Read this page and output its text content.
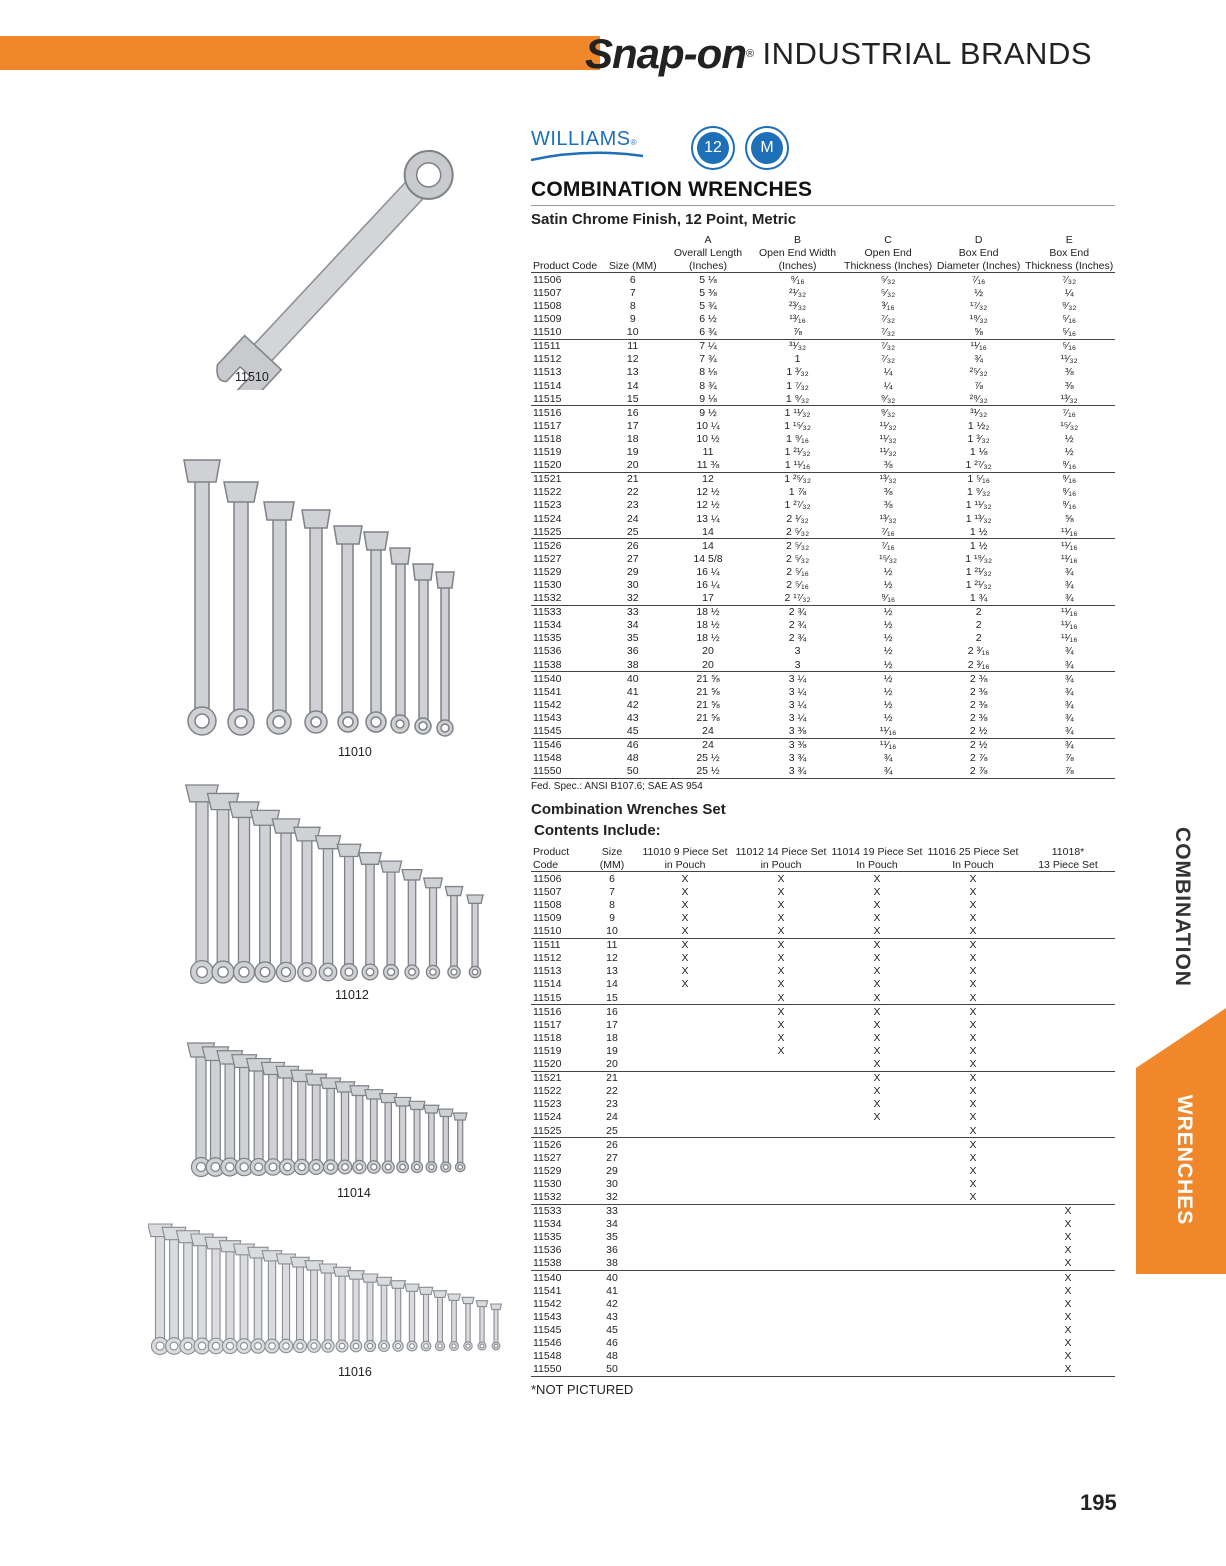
Snap-on® INDUSTRIAL BRANDS
WILLIAMS®	12	M
COMBINATION WRENCHES
Satin Chrome Finish, 12 Point, Metric
		A	B	C	D	E
		Overall Length	Open End Width	Open End	Box End	Box End
Product Code	Size (MM)	(Inches)	(Inches)	Thickness (Inches)	Diameter (Inches)	Thickness (Inches)
11506	6	5 ⅛	⁹⁄₁₆	⁵⁄₃₂	⁷⁄₁₆	⁷⁄₃₂
11507	7	5 ⅜	²¹⁄₃₂	⁵⁄₃₂	½	¼
11508	8	5 ¾	²³⁄₃₂	³⁄₁₆	¹⁷⁄₃₂	⁹⁄₃₂
11509	9	6 ½	¹³⁄₁₆	⁷⁄₃₂	¹⁹⁄₃₂	⁵⁄₁₆
11510	10	6 ¾	⅞	⁷⁄₃₂	⅝	⁵⁄₁₆
11511	11	7 ¼	³¹⁄₃₂	⁷⁄₃₂	¹¹⁄₁₆	⁵⁄₁₆
11512	12	7 ¾	1	⁷⁄₃₂	¾	¹¹⁄₃₂
11513	13	8 ⅛	1 ³⁄₃₂	¼	²⁵⁄₃₂	⅜
11514	14	8 ¾	1 ⁷⁄₃₂	¼	⅞	⅜
11515	15	9 ⅛	1 ⁹⁄₃₂	⁹⁄₃₂	²⁹⁄₃₂	¹³⁄₃₂
11516	16	9 ½	1 ¹¹⁄₃₂	⁹⁄₃₂	³¹⁄₃₂	⁷⁄₁₆
11517	17	10 ¼	1 ¹⁵⁄₃₂	¹¹⁄₃₂	1 ½₂	¹⁵⁄₃₂
11518	18	10 ½	1 ⁹⁄₁₆	¹¹⁄₃₂	1 ³⁄₃₂	½
11519	19	11	1 ²¹⁄₃₂	¹¹⁄₃₂	1 ⅛	½
11520	20	11 ⅜	1 ¹¹⁄₁₆	⅜	1 ²⁷⁄₃₂	⁹⁄₁₆
11521	21	12	1 ²⁵⁄₃₂	¹³⁄₃₂	1 ⁵⁄₁₆	⁹⁄₁₆
11522	22	12 ½	1 ⅞	⅜	1 ⁹⁄₃₂	⁹⁄₁₆
11523	23	12 ½	1 ²⁷⁄₃₂	⅜	1 ¹¹⁄₃₂	⁹⁄₁₆
11524	24	13 ¼	2 ¹⁄₃₂	¹³⁄₃₂	1 ¹³⁄₃₂	⅝
11525	25	14	2 ⁵⁄₃₂	⁷⁄₁₆	1 ½	¹¹⁄₁₆
11526	26	14	2 ⁵⁄₃₂	⁷⁄₁₆	1 ½	¹¹⁄₁₆
11527	27	14 5/8	2 ⁵⁄₃₂	¹⁵⁄₃₂	1 ¹⁹⁄₃₂	¹¹⁄₁₆
11529	29	16 ¼	2 ⁵⁄₁₆	½	1 ²¹⁄₃₂	¾
11530	30	16 ¼	2 ⁵⁄₁₆	½	1 ²¹⁄₃₂	¾
11532	32	17	2 ¹⁷⁄₃₂	⁹⁄₁₆	1 ¾	¾
11533	33	18 ½	2 ¾	½	2	¹¹⁄₁₆
11534	34	18 ½	2 ¾	½	2	¹¹⁄₁₆
11535	35	18 ½	2 ¾	½	2	¹¹⁄₁₆
11536	36	20	3	½	2 ³⁄₁₆	¾
11538	38	20	3	½	2 ³⁄₁₆	¾
11540	40	21 ⅝	3 ¼	½	2 ⅜	¾
11541	41	21 ⅝	3 ¼	½	2 ⅜	¾
11542	42	21 ⅝	3 ¼	½	2 ⅜	¾
11543	43	21 ⅝	3 ¼	½	2 ⅜	¾
11545	45	24	3 ⅜	¹¹⁄₁₆	2 ½	¾
11546	46	24	3 ⅜	¹¹⁄₁₆	2 ½	¾
11548	48	25 ½	3 ¾	¾	2 ⅞	⅞
11550	50	25 ½	3 ¾	¾	2 ⅞	⅞
Fed. Spec.: ANSI B107.6; SAE AS 954
Combination Wrenches Set
Contents Include:
Product	Size	11010 9 Piece Set	11012 14 Piece Set	11014 19 Piece Set	11016 25 Piece Set	11018*
Code	(MM)	in Pouch	in Pouch	In Pouch	In Pouch	13 Piece Set
11506	6	X	X	X	X	
11507	7	X	X	X	X	
11508	8	X	X	X	X	
11509	9	X	X	X	X	
11510	10	X	X	X	X	
11511	11	X	X	X	X	
11512	12	X	X	X	X	
11513	13	X	X	X	X	
11514	14	X	X	X	X	
11515	15		X	X	X	
11516	16		X	X	X	
11517	17		X	X	X	
11518	18		X	X	X	
11519	19		X	X	X	
11520	20			X	X	
11521	21			X	X	
11522	22			X	X	
11523	23			X	X	
11524	24			X	X	
11525	25				X	
11526	26				X	
11527	27				X	
11529	29				X	
11530	30				X	
11532	32				X	
11533	33					X
11534	34					X
11535	35					X
11536	36					X
11538	38					X
11540	40					X
11541	41					X
11542	42					X
11543	43					X
11545	45					X
11546	46					X
11548	48					X
11550	50					X
*NOT PICTURED
11510
11010
11012
11014
11016
COMBINATION
WRENCHES
195
